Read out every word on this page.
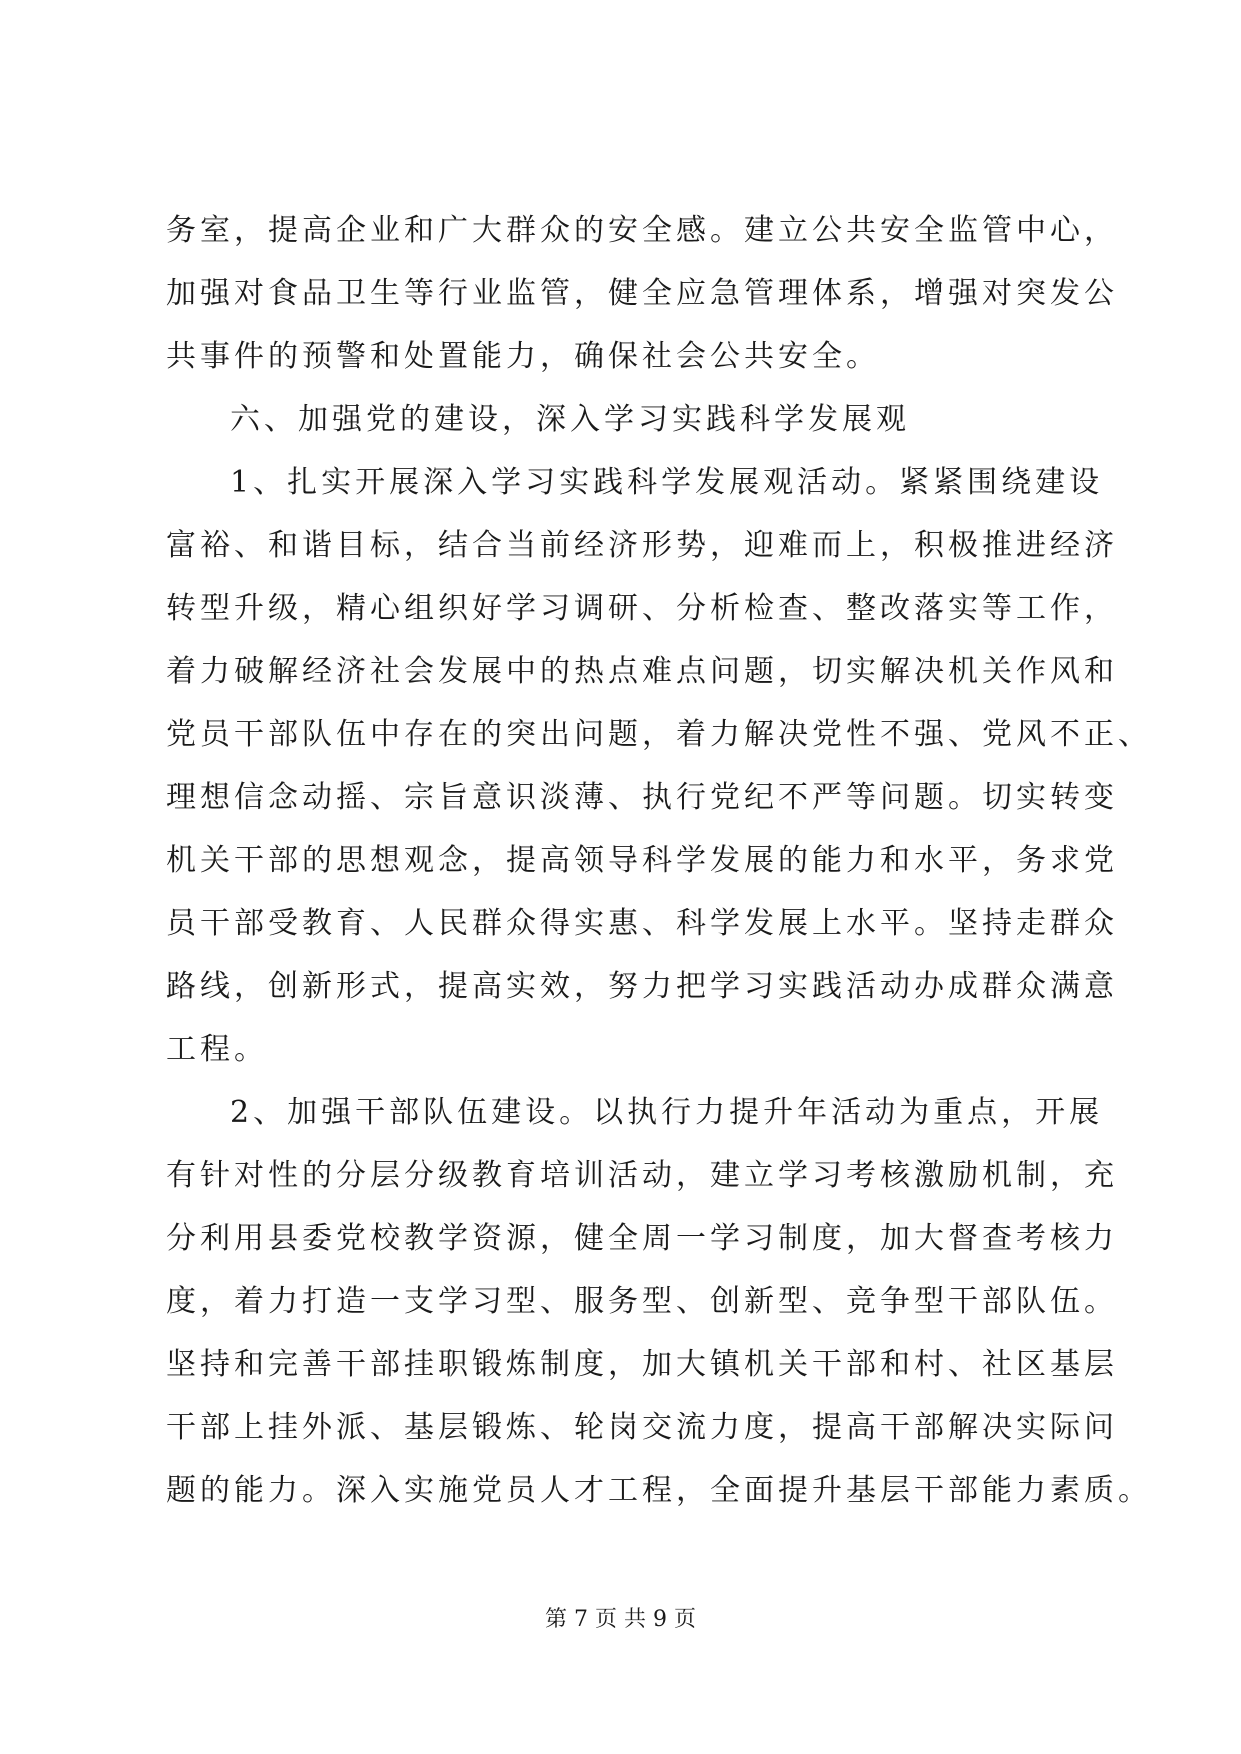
务室，提高企业和广大群众的安全感。建立公共安全监管中心，
加强对食品卫生等行业监管，健全应急管理体系，增强对突发公
共事件的预警和处置能力，确保社会公共安全。
六、加强党的建设，深入学习实践科学发展观
1、扎实开展深入学习实践科学发展观活动。紧紧围绕建设
富裕、和谐目标，结合当前经济形势，迎难而上，积极推进经济
转型升级，精心组织好学习调研、分析检查、整改落实等工作，
着力破解经济社会发展中的热点难点问题，切实解决机关作风和
党员干部队伍中存在的突出问题，着力解决党性不强、党风不正、
理想信念动摇、宗旨意识淡薄、执行党纪不严等问题。切实转变
机关干部的思想观念，提高领导科学发展的能力和水平，务求党
员干部受教育、人民群众得实惠、科学发展上水平。坚持走群众
路线，创新形式，提高实效，努力把学习实践活动办成群众满意
工程。
2、加强干部队伍建设。以执行力提升年活动为重点，开展
有针对性的分层分级教育培训活动，建立学习考核激励机制，充
分利用县委党校教学资源，健全周一学习制度，加大督查考核力
度，着力打造一支学习型、服务型、创新型、竞争型干部队伍。
坚持和完善干部挂职锻炼制度，加大镇机关干部和村、社区基层
干部上挂外派、基层锻炼、轮岗交流力度，提高干部解决实际问
题的能力。深入实施党员人才工程，全面提升基层干部能力素质。
第 7 页 共 9 页
